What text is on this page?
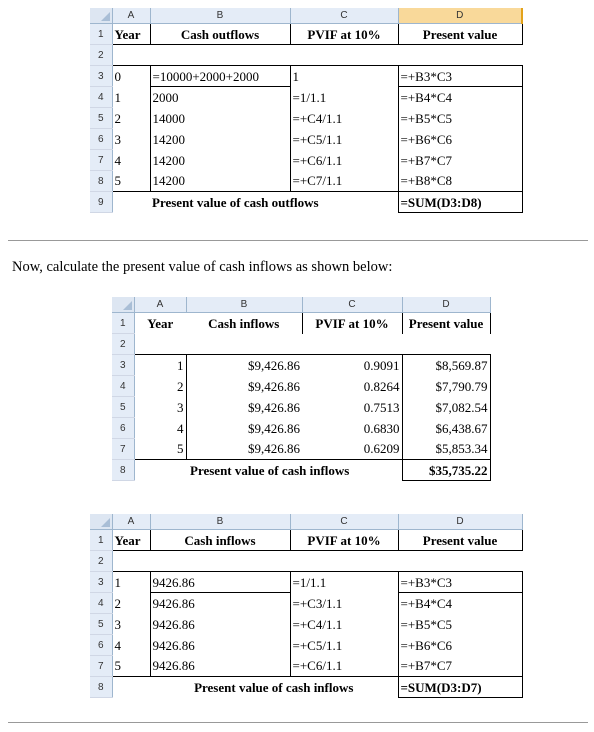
	A	B	C	D
1	Year	Cash outflows	PVIF at 10%	Present value
2				
3	0	=10000+2000+2000	1	=+B3*C3
4	1	2000	=1/1.1	=+B4*C4
5	2	14000	=+C4/1.1	=+B5*C5
6	3	14200	=+C5/1.1	=+B6*C6
7	4	14200	=+C6/1.1	=+B7*C7
8	5	14200	=+C7/1.1	=+B8*C8
9		Present value of cash outflows		=SUM(D3:D8)
Now, calculate the present value of cash inflows as shown below:
	A	B	C	D
1	Year	Cash inflows	PVIF at 10%	Present value
2				
3	1	$9,426.86	0.9091	$8,569.87
4	2	$9,426.86	0.8264	$7,790.79
5	3	$9,426.86	0.7513	$7,082.54
6	4	$9,426.86	0.6830	$6,438.67
7	5	$9,426.86	0.6209	$5,853.34
8		Present value of cash inflows		$35,735.22
	A	B	C	D
1	Year	Cash inflows	PVIF at 10%	Present value
2				
3	1	9426.86	=1/1.1	=+B3*C3
4	2	9426.86	=+C3/1.1	=+B4*C4
5	3	9426.86	=+C4/1.1	=+B5*C5
6	4	9426.86	=+C5/1.1	=+B6*C6
7	5	9426.86	=+C6/1.1	=+B7*C7
8		Present value of cash inflows		=SUM(D3:D7)
